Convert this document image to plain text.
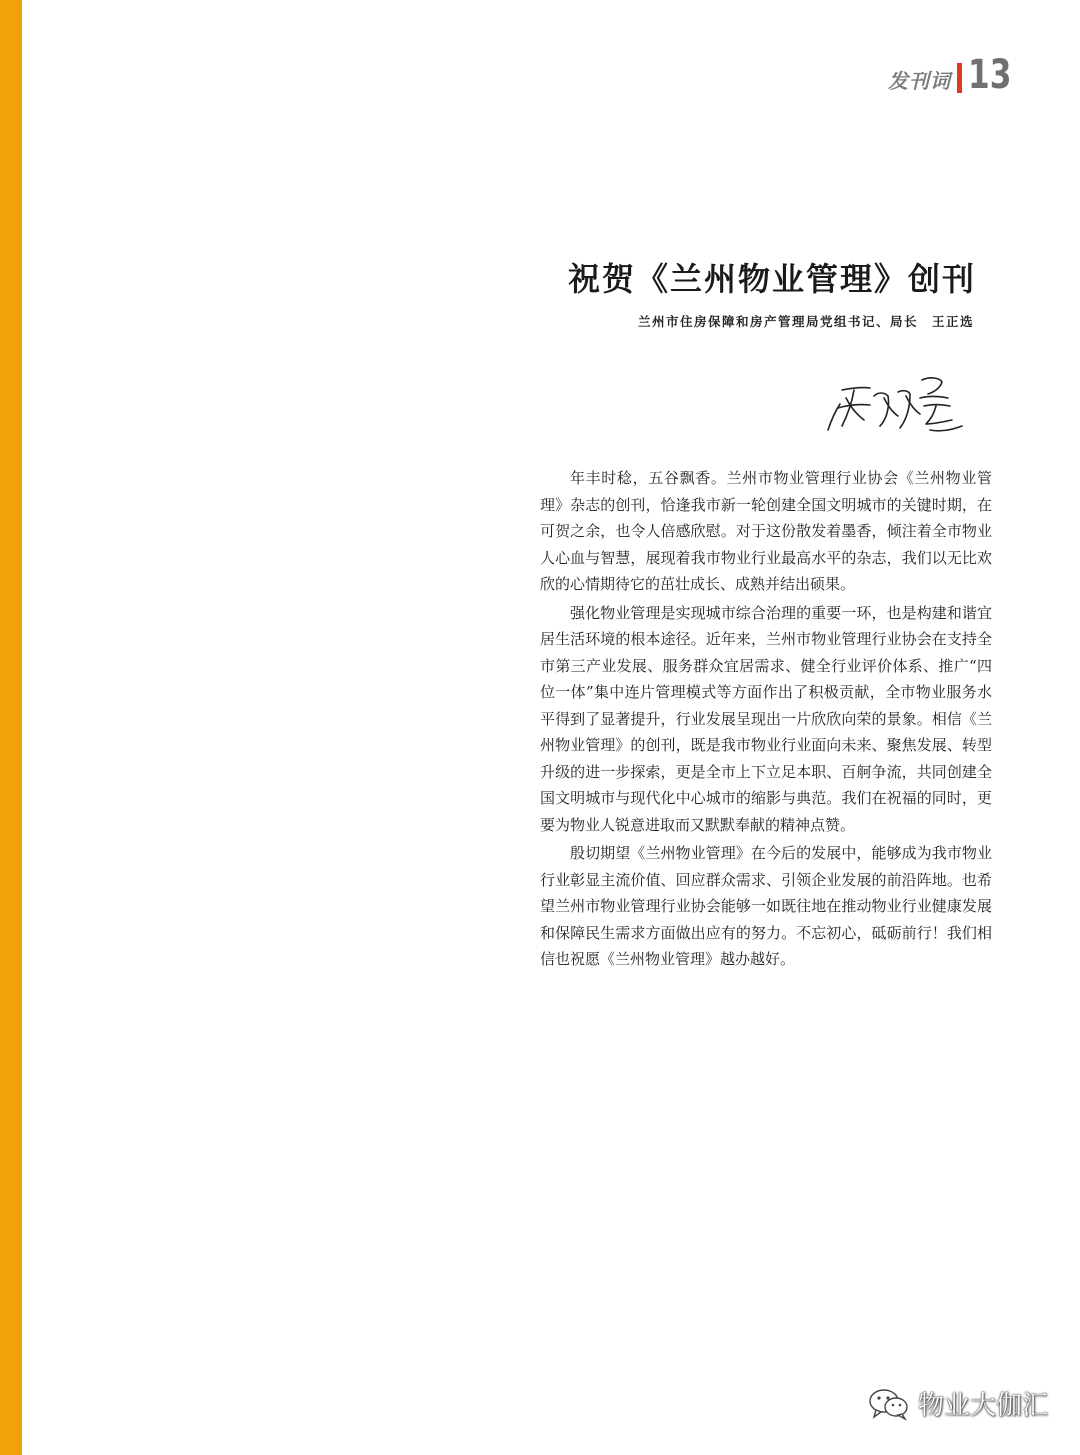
发刊词 13
祝贺《兰州物业管理》创刊
兰州市住房保障和房产管理局党组书记、局长 王正选

年丰时稔，五谷飘香。兰州市物业管理行业协会《兰州物业管理》杂志的创刊，恰逢我市新一轮创建全国文明城市的关键时期，在可贺之余，也令人倍感欣慰。对于这份散发着墨香，倾注着全市物业人心血与智慧，展现着我市物业行业最高水平的杂志，我们以无比欢欣的心情期待它的茁壮成长、成熟并结出硕果。

强化物业管理是实现城市综合治理的重要一环，也是构建和谐宜居生活环境的根本途径。近年来，兰州市物业管理行业协会在支持全市第三产业发展、服务群众宜居需求、健全行业评价体系、推广“四位一体”集中连片管理模式等方面作出了积极贡献，全市物业服务水平得到了显著提升，行业发展呈现出一片欣欣向荣的景象。相信《兰州物业管理》的创刊，既是我市物业行业面向未来、聚焦发展、转型升级的进一步探索，更是全市上下立足本职、百舸争流，共同创建全国文明城市与现代化中心城市的缩影与典范。我们在祝福的同时，更要为物业人锐意进取而又默默奉献的精神点赞。

殷切期望《兰州物业管理》在今后的发展中，能够成为我市物业行业彰显主流价值、回应群众需求、引领企业发展的前沿阵地。也希望兰州市物业管理行业协会能够一如既往地在推动物业行业健康发展和保障民生需求方面做出应有的努力。不忘初心，砥砺前行！我们相信也祝愿《兰州物业管理》越办越好。

物业大伽汇
